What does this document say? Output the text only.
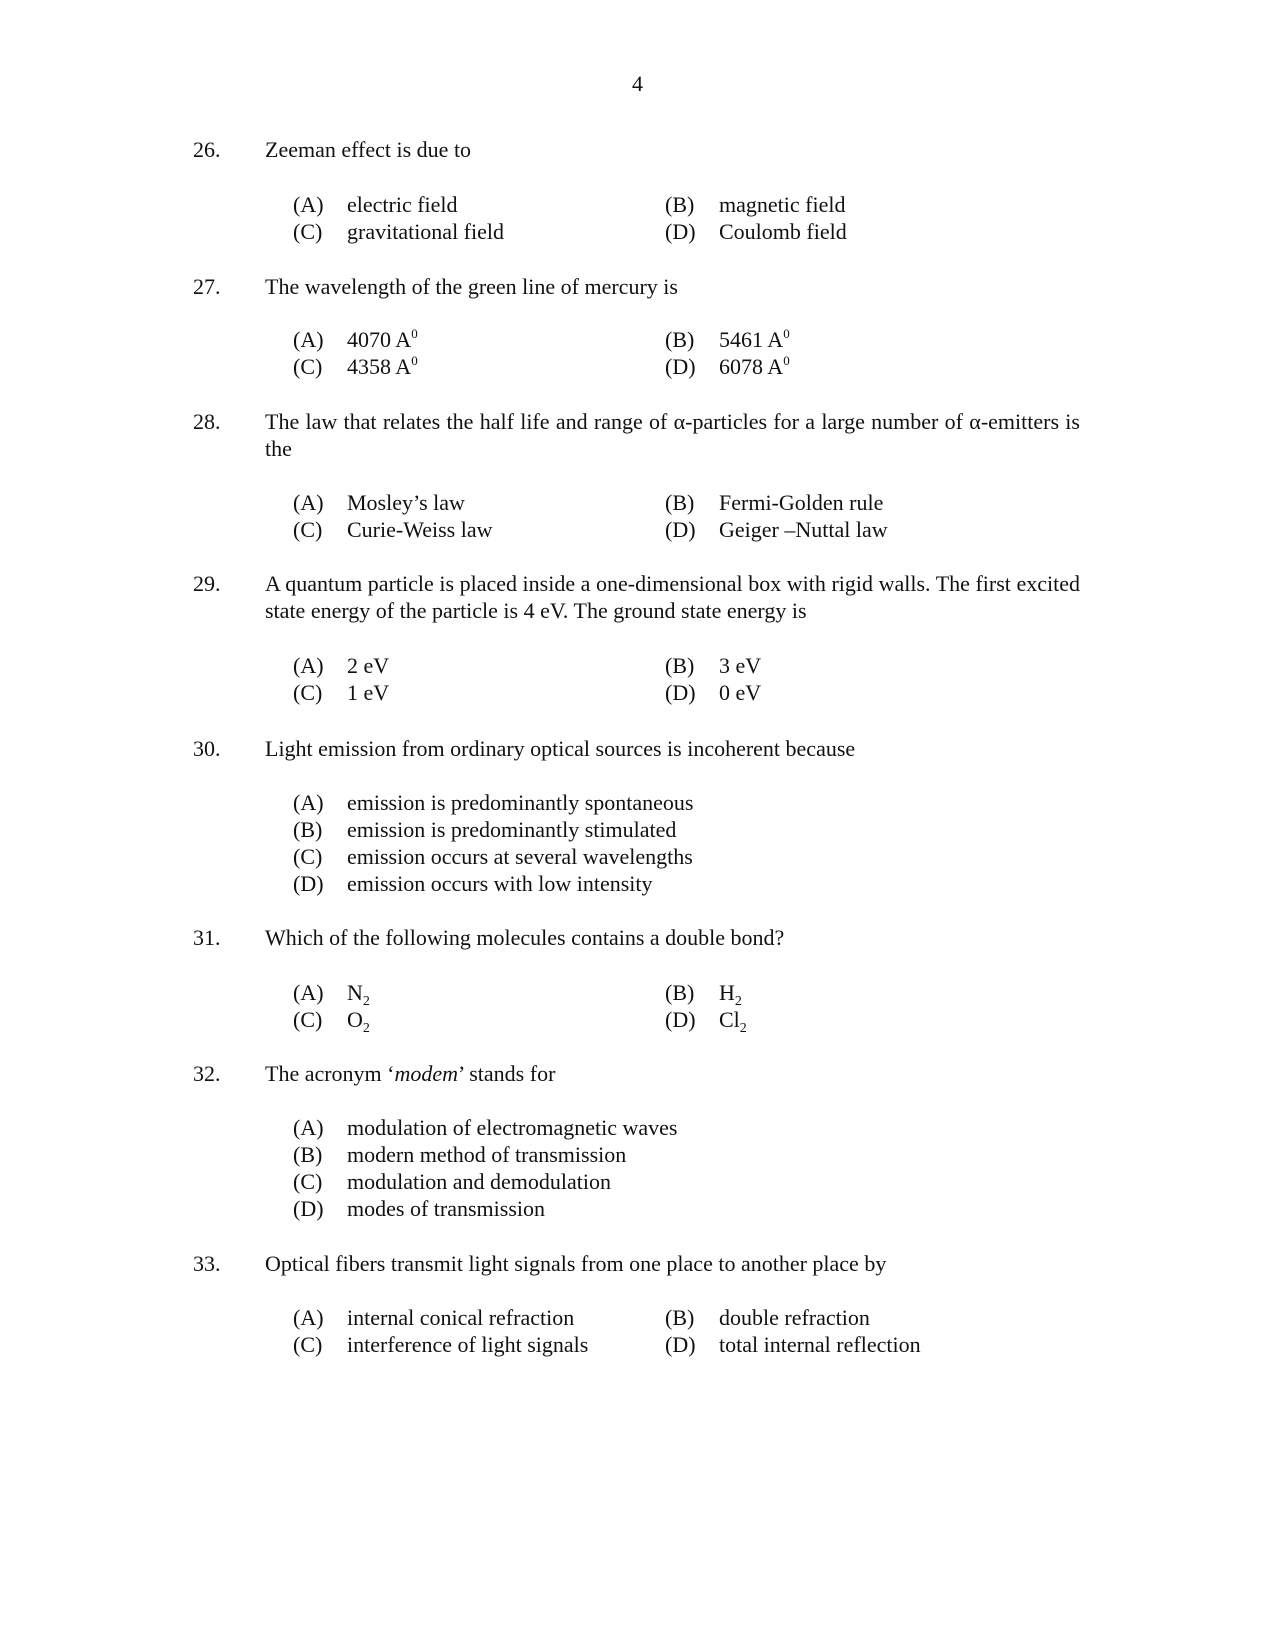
4
26. Zeeman effect is due to
(A) electric field	(B) magnetic field
(C) gravitational field	(D) Coulomb field
27. The wavelength of the green line of mercury is
(A) 4070 $A^0$	(B) 5461 $A^0$
(C) 4358 $A^0$	(D) 6078 $A^0$
28. The law that relates the half life and range of α-particles for a large number of α-emitters is the
(A) Mosley’s law	(B) Fermi-Golden rule
(C) Curie-Weiss law	(D) Geiger –Nuttal law
29. A quantum particle is placed inside a one-dimensional box with rigid walls. The first excited state energy of the particle is 4 eV. The ground state energy is
(A) 2 eV	(B) 3 eV
(C) 1 eV	(D) 0 eV
30. Light emission from ordinary optical sources is incoherent because
(A) emission is predominantly spontaneous
(B) emission is predominantly stimulated
(C) emission occurs at several wavelengths
(D) emission occurs with low intensity
31. Which of the following molecules contains a double bond?
(A) $N_2$	(B) $H_2$
(C) $O_2$	(D) $Cl_2$
32. The acronym ‘modem’ stands for
(A) modulation of electromagnetic waves
(B) modern method of transmission
(C) modulation and demodulation
(D) modes of transmission
33. Optical fibers transmit light signals from one place to another place by
(A) internal conical refraction	(B) double refraction
(C) interference of light signals	(D) total internal reflection
